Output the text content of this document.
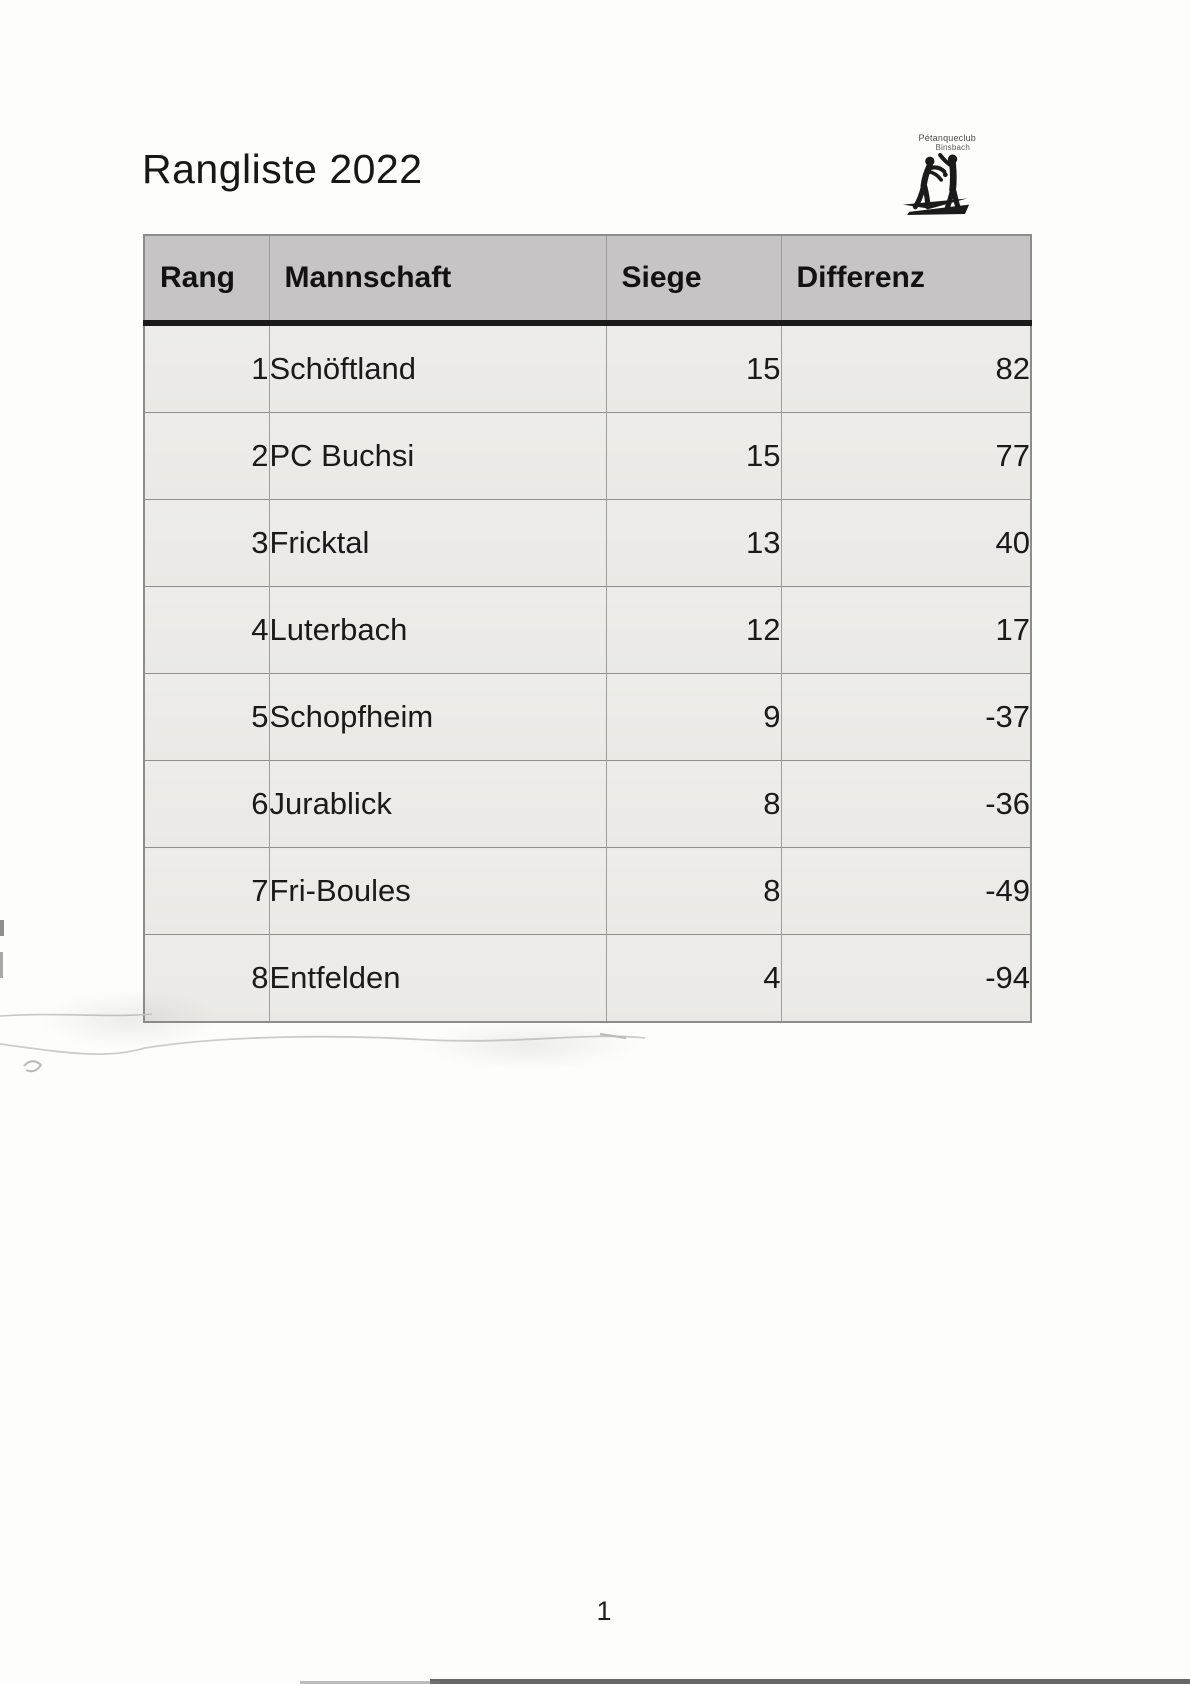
Rangliste 2022
Pétanqueclub
Binsbach
Rang	Mannschaft	Siege	Differenz
1	Schöftland	15	82
2	PC Buchsi	15	77
3	Fricktal	13	40
4	Luterbach	12	17
5	Schopfheim	9	-37
6	Jurablick	8	-36
7	Fri-Boules	8	-49
8	Entfelden	4	-94
1
